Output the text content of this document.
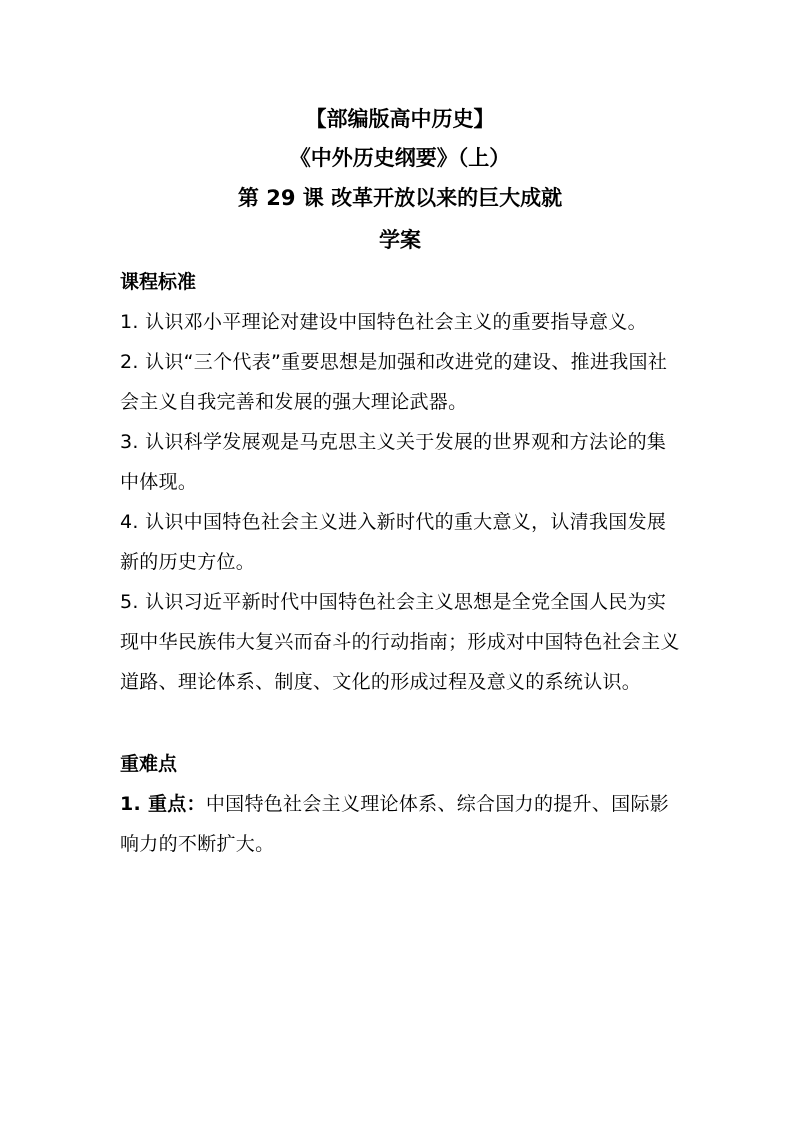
【部编版高中历史】

《中外历史纲要》（上）

第 29 课 改革开放以来的巨大成就

学案

课程标准

1. 认识邓小平理论对建设中国特色社会主义的重要指导意义。

2. 认识“三个代表”重要思想是加强和改进党的建设、推进我国社会主义自我完善和发展的强大理论武器。

3. 认识科学发展观是马克思主义关于发展的世界观和方法论的集中体现。

4. 认识中国特色社会主义进入新时代的重大意义，认清我国发展新的历史方位。

5. 认识习近平新时代中国特色社会主义思想是全党全国人民为实现中华民族伟大复兴而奋斗的行动指南；形成对中国特色社会主义道路、理论体系、制度、文化的形成过程及意义的系统认识。

重难点

1. 重点：中国特色社会主义理论体系、综合国力的提升、国际影响力的不断扩大。
